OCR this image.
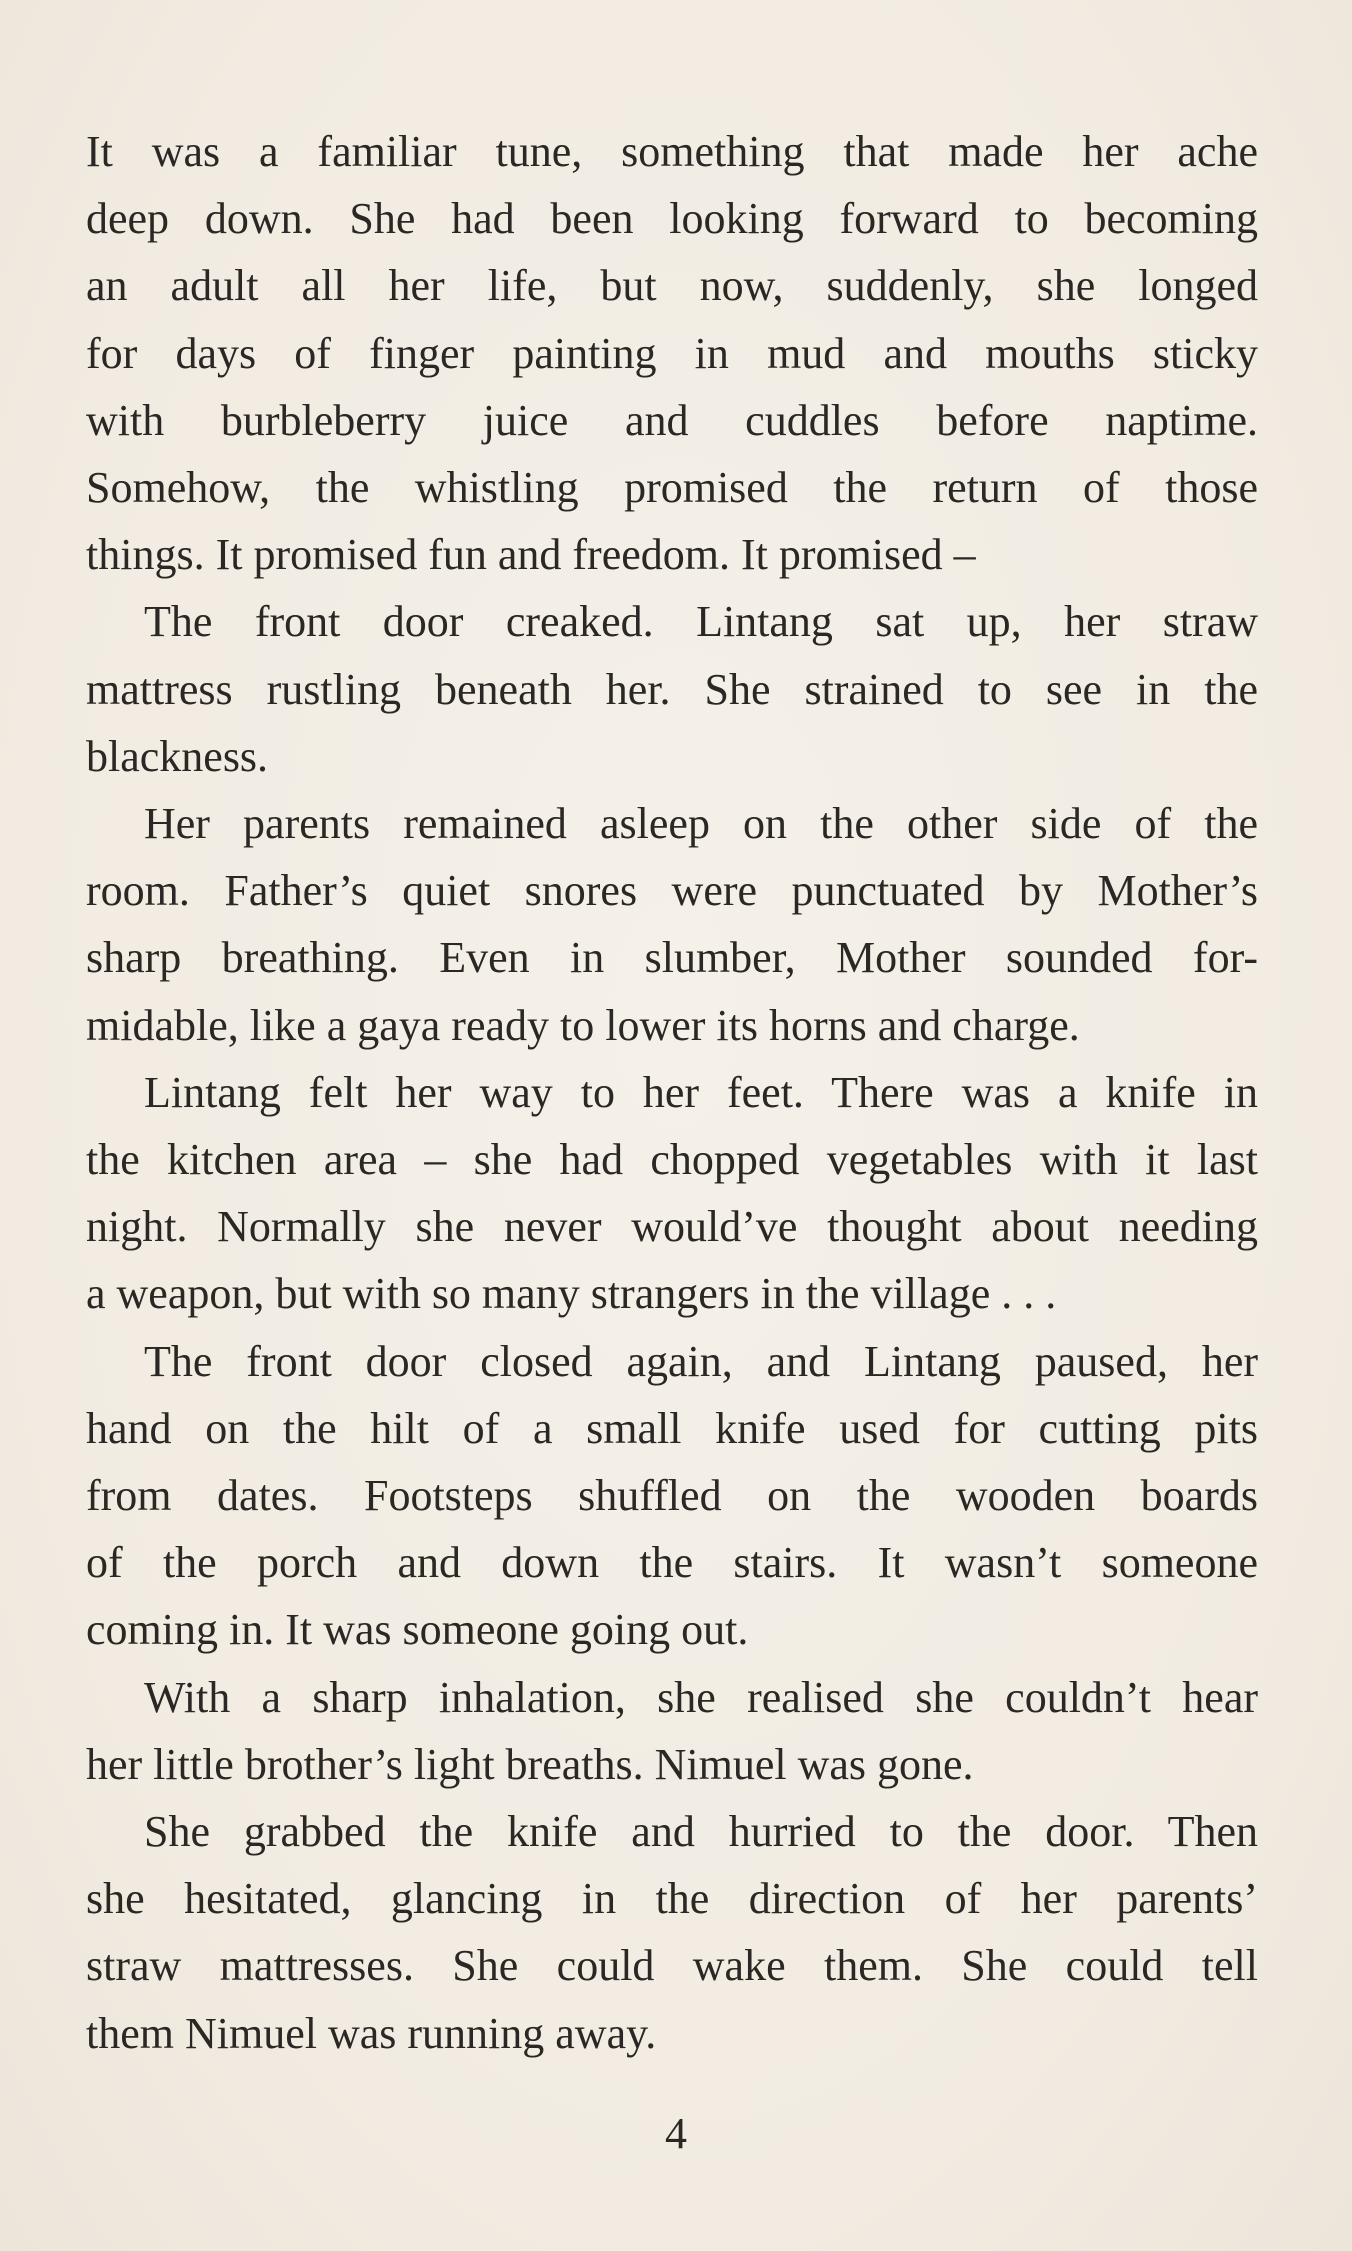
It was a familiar tune, something that made her ache
deep down. She had been looking forward to becoming
an adult all her life, but now, suddenly, she longed
for days of finger painting in mud and mouths sticky
with burbleberry juice and cuddles before naptime.
Somehow, the whistling promised the return of those
things. It promised fun and freedom. It promised –
The front door creaked. Lintang sat up, her straw
mattress rustling beneath her. She strained to see in the
blackness.
Her parents remained asleep on the other side of the
room. Father’s quiet snores were punctuated by Mother’s
sharp breathing. Even in slumber, Mother sounded for-
midable, like a gaya ready to lower its horns and charge.
Lintang felt her way to her feet. There was a knife in
the kitchen area – she had chopped vegetables with it last
night. Normally she never would’ve thought about needing
a weapon, but with so many strangers in the village . . .
The front door closed again, and Lintang paused, her
hand on the hilt of a small knife used for cutting pits
from dates. Footsteps shuffled on the wooden boards
of the porch and down the stairs. It wasn’t someone
coming in. It was someone going out.
With a sharp inhalation, she realised she couldn’t hear
her little brother’s light breaths. Nimuel was gone.
She grabbed the knife and hurried to the door. Then
she hesitated, glancing in the direction of her parents’
straw mattresses. She could wake them. She could tell
them Nimuel was running away.
4
